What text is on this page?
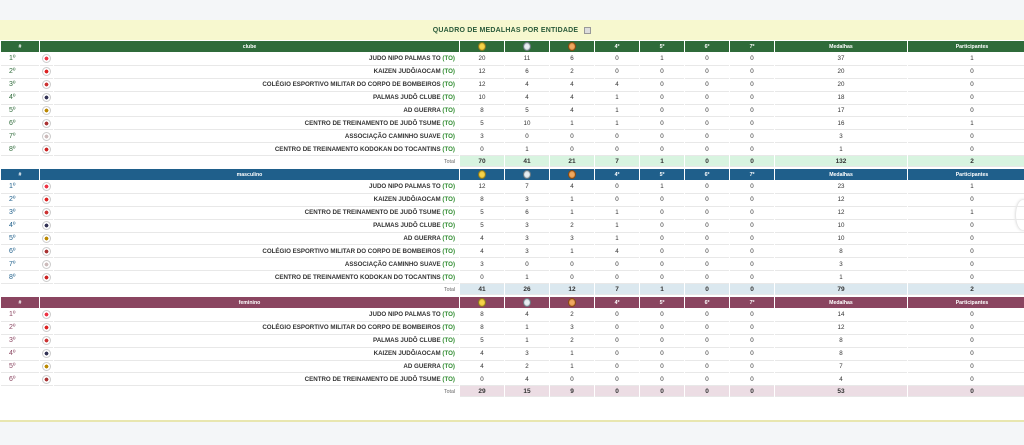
QUADRO DE MEDALHAS POR ENTIDADE
#	clube					4º	5º	6º	7º	Medalhas	Participantes
1º		JUDO NIPO PALMAS TO (TO)	20	11	6	0	1	0	0	37	1
2º		KAIZEN JUDÔ/AOCAM (TO)	12	6	2	0	0	0	0	20	0
3º		COLÉGIO ESPORTIVO MILITAR DO CORPO DE BOMBEIROS (TO)	12	4	4	4	0	0	0	20	0
4º		PALMAS JUDÔ CLUBE (TO)	10	4	4	1	0	0	0	18	0
5º		AD GUERRA (TO)	8	5	4	1	0	0	0	17	0
6º		CENTRO DE TREINAMENTO DE JUDÔ TSUME (TO)	5	10	1	1	0	0	0	16	1
7º		ASSOCIAÇÃO CAMINHO SUAVE (TO)	3	0	0	0	0	0	0	3	0
8º		CENTRO DE TREINAMENTO KODOKAN DO TOCANTINS (TO)	0	1	0	0	0	0	0	1	0
		Total	70	41	21	7	1	0	0	132	2
#	masculino					4º	5º	6º	7º	Medalhas	Participantes
1º		JUDO NIPO PALMAS TO (TO)	12	7	4	0	1	0	0	23	1
2º		KAIZEN JUDÔ/AOCAM (TO)	8	3	1	0	0	0	0	12	0
3º		CENTRO DE TREINAMENTO DE JUDÔ TSUME (TO)	5	6	1	1	0	0	0	12	1
4º		PALMAS JUDÔ CLUBE (TO)	5	3	2	1	0	0	0	10	0
5º		AD GUERRA (TO)	4	3	3	1	0	0	0	10	0
6º		COLÉGIO ESPORTIVO MILITAR DO CORPO DE BOMBEIROS (TO)	4	3	1	4	0	0	0	8	0
7º		ASSOCIAÇÃO CAMINHO SUAVE (TO)	3	0	0	0	0	0	0	3	0
8º		CENTRO DE TREINAMENTO KODOKAN DO TOCANTINS (TO)	0	1	0	0	0	0	0	1	0
		Total	41	26	12	7	1	0	0	79	2
#	feminino					4º	5º	6º	7º	Medalhas	Participantes
1º		JUDO NIPO PALMAS TO (TO)	8	4	2	0	0	0	0	14	0
2º		COLÉGIO ESPORTIVO MILITAR DO CORPO DE BOMBEIROS (TO)	8	1	3	0	0	0	0	12	0
3º		PALMAS JUDÔ CLUBE (TO)	5	1	2	0	0	0	0	8	0
4º		KAIZEN JUDÔ/AOCAM (TO)	4	3	1	0	0	0	0	8	0
5º		AD GUERRA (TO)	4	2	1	0	0	0	0	7	0
6º		CENTRO DE TREINAMENTO DE JUDÔ TSUME (TO)	0	4	0	0	0	0	0	4	0
		Total	29	15	9	0	0	0	0	53	0
